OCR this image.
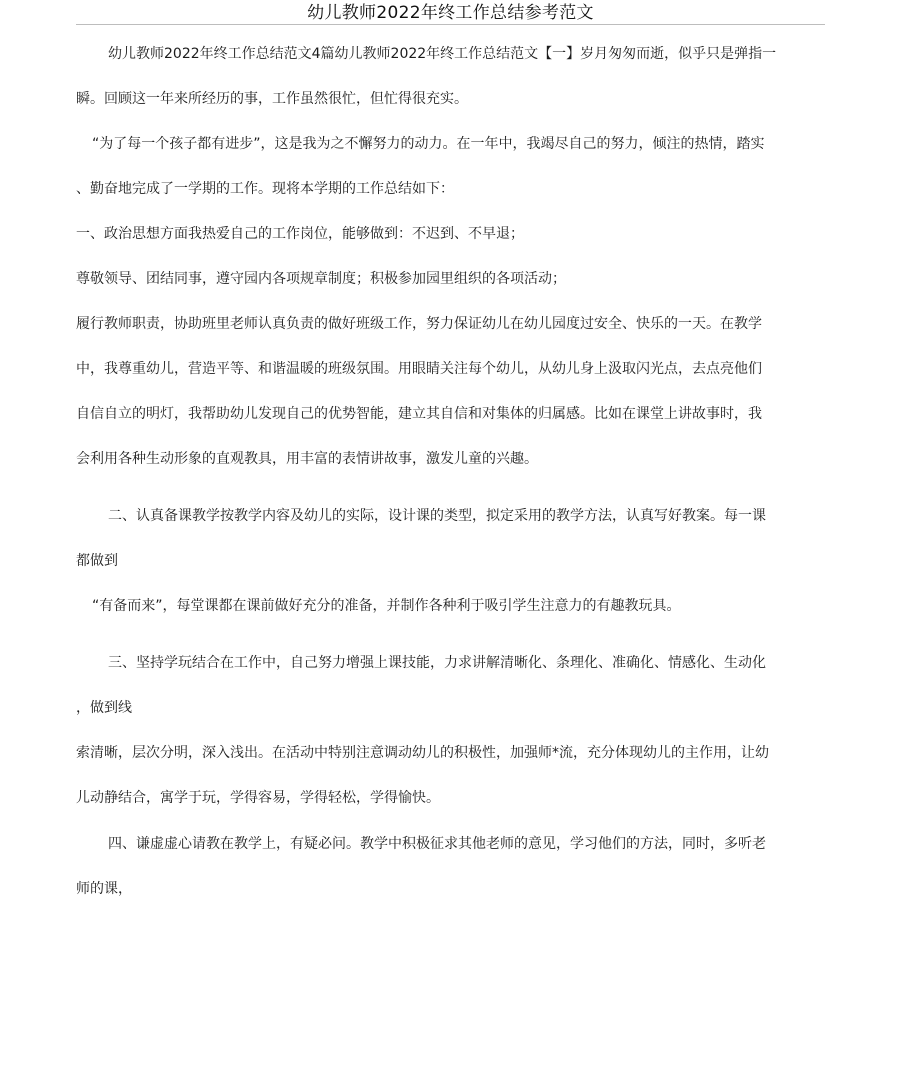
幼儿教师2022年终工作总结参考范文
幼儿教师2022年终工作总结范文4篇幼儿教师2022年终工作总结范文【一】岁月匆匆而逝，似乎只是弹指一
瞬。回顾这一年来所经历的事，工作虽然很忙，但忙得很充实。
“为了每一个孩子都有进步”，这是我为之不懈努力的动力。在一年中，我竭尽自己的努力，倾注的热情，踏实
、勤奋地完成了一学期的工作。现将本学期的工作总结如下：
一、政治思想方面我热爱自己的工作岗位，能够做到：不迟到、不早退；
尊敬领导、团结同事，遵守园内各项规章制度；积极参加园里组织的各项活动；
履行教师职责，协助班里老师认真负责的做好班级工作，努力保证幼儿在幼儿园度过安全、快乐的一天。在教学
中，我尊重幼儿，营造平等、和谐温暖的班级氛围。用眼睛关注每个幼儿，从幼儿身上汲取闪光点，去点亮他们
自信自立的明灯，我帮助幼儿发现自己的优势智能，建立其自信和对集体的归属感。比如在课堂上讲故事时，我
会利用各种生动形象的直观教具，用丰富的表情讲故事，激发儿童的兴趣。
二、认真备课教学按教学内容及幼儿的实际，设计课的类型，拟定采用的教学方法，认真写好教案。每一课
都做到
“有备而来”，每堂课都在课前做好充分的准备，并制作各种利于吸引学生注意力的有趣教玩具。
三、坚持学玩结合在工作中，自己努力增强上课技能，力求讲解清晰化、条理化、准确化、情感化、生动化
，做到线
索清晰，层次分明，深入浅出。在活动中特别注意调动幼儿的积极性，加强师*流，充分体现幼儿的主作用，让幼
儿动静结合，寓学于玩，学得容易，学得轻松，学得愉快。
四、谦虚虚心请教在教学上，有疑必问。教学中积极征求其他老师的意见，学习他们的方法，同时，多听老
师的课，
